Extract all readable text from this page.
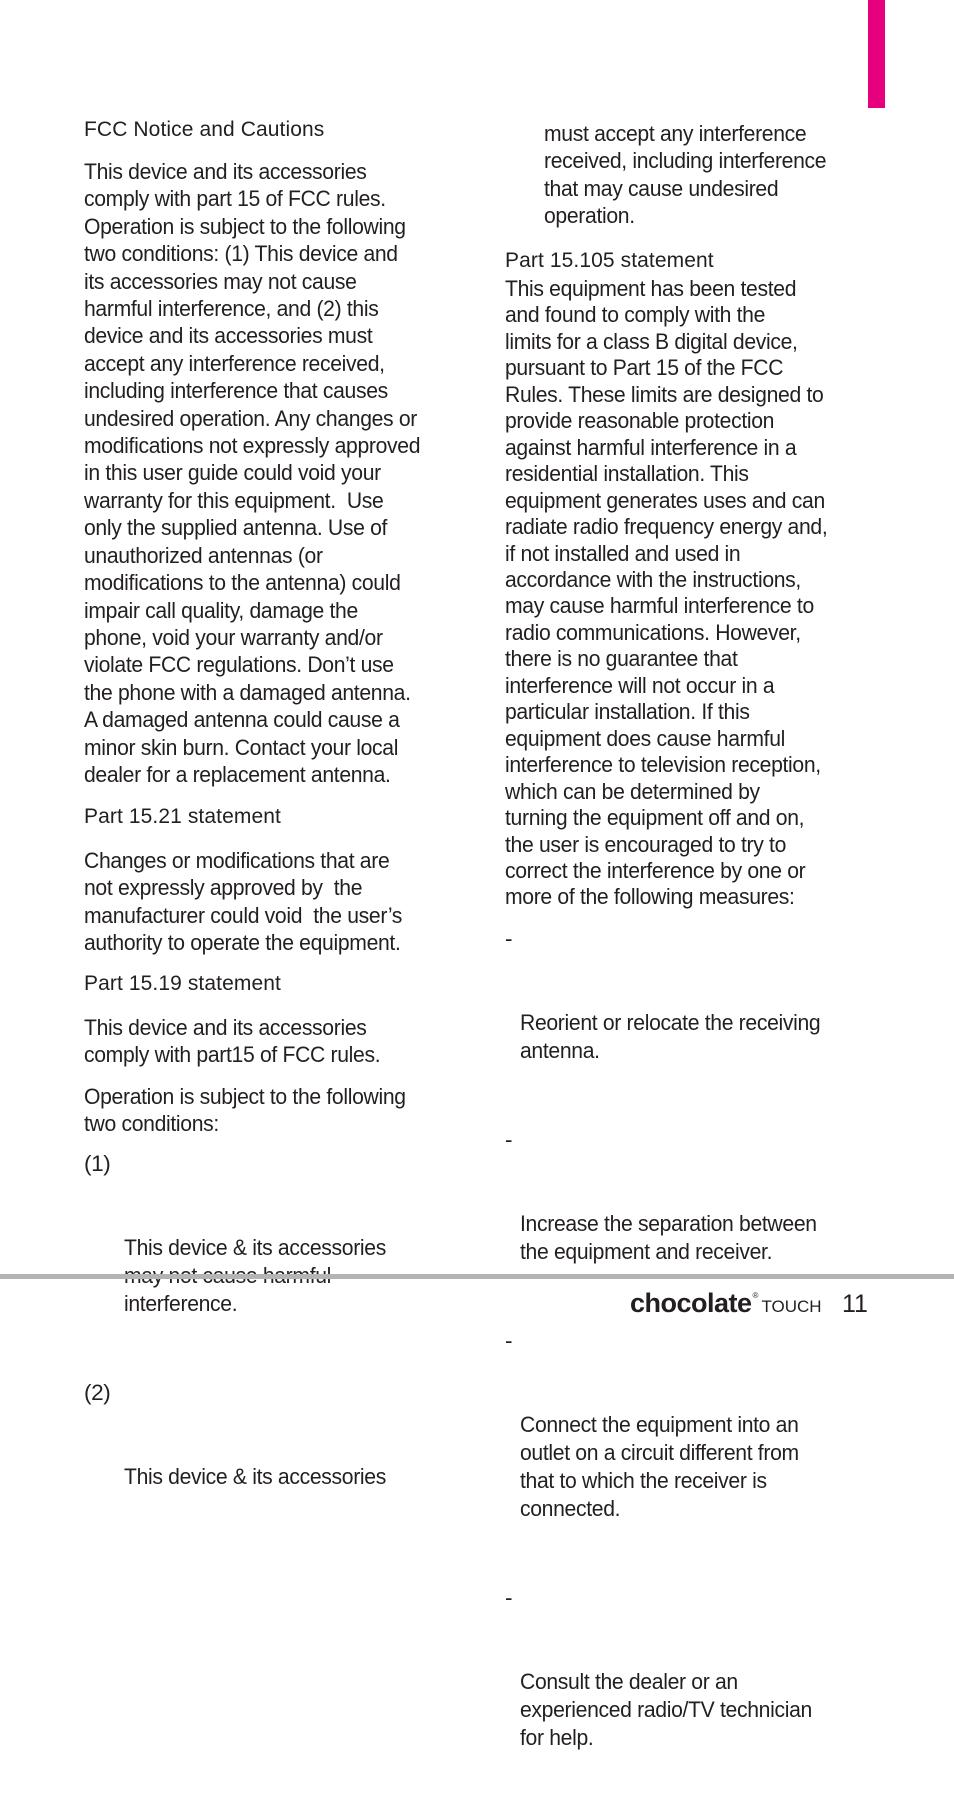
FCC Notice and Cautions

This device and its accessories
comply with part 15 of FCC rules.
Operation is subject to the following
two conditions: (1) This device and
its accessories may not cause
harmful interference, and (2) this
device and its accessories must
accept any interference received,
including interference that causes
undesired operation. Any changes or
modifications not expressly approved
in this user guide could void your
warranty for this equipment.  Use
only the supplied antenna. Use of
unauthorized antennas (or
modifications to the antenna) could
impair call quality, damage the
phone, void your warranty and/or
violate FCC regulations. Don’t use
the phone with a damaged antenna.
A damaged antenna could cause a
minor skin burn. Contact your local
dealer for a replacement antenna.

Part 15.21 statement

Changes or modifications that are
not expressly approved by  the
manufacturer could void  the user’s
authority to operate the equipment.

Part 15.19 statement

This device and its accessories
comply with part15 of FCC rules.

Operation is subject to the following
two conditions:

(1)

This device & its accessories

interference.

(2)

This device & its accessories

must accept any interference
received, including interference
that may cause undesired
operation.

Part 15.105 statement

This equipment has been tested
and found to comply with the
limits for a class B digital device,
pursuant to Part 15 of the FCC
Rules. These limits are designed to
provide reasonable protection
against harmful interference in a
residential installation. This
equipment generates uses and can
radiate radio frequency energy and,
if not installed and used in
accordance with the instructions,
may cause harmful interference to
radio communications. However,
there is no guarantee that
interference will not occur in a
particular installation. If this
equipment does cause harmful
interference to television reception,
which can be determined by
turning the equipment off and on,
the user is encouraged to try to
correct the interference by one or
more of the following measures:

-

Reorient or relocate the receiving
antenna.

-

Increase the separation between
the equipment and receiver.

-

Connect the equipment into an
outlet on a circuit different from
that to which the receiver is
connected.

-

Consult the dealer or an
experienced radio/TV technician
for help.

chocolate®TOUCH 11
